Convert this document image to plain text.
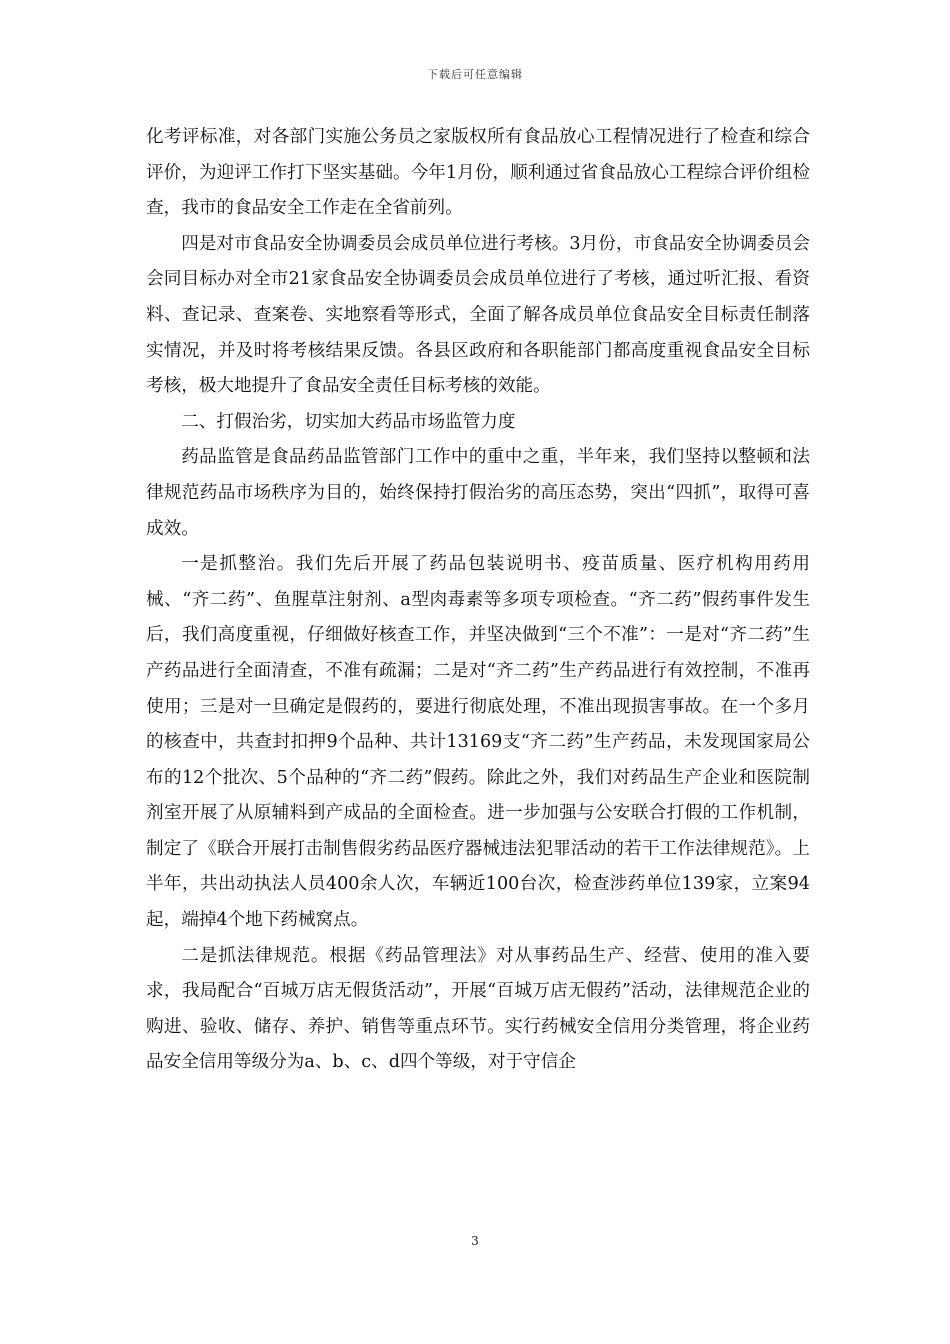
下载后可任意编辑

化考评标准，对各部门实施公务员之家版权所有食品放心工程情况进行了检查和综合评价，为迎评工作打下坚实基础。今年1月份，顺利通过省食品放心工程综合评价组检查，我市的食品安全工作走在全省前列。

四是对市食品安全协调委员会成员单位进行考核。3月份，市食品安全协调委员会会同目标办对全市21家食品安全协调委员会成员单位进行了考核，通过听汇报、看资料、查记录、查案卷、实地察看等形式，全面了解各成员单位食品安全目标责任制落实情况，并及时将考核结果反馈。各县区政府和各职能部门都高度重视食品安全目标考核，极大地提升了食品安全责任目标考核的效能。

二、打假治劣，切实加大药品市场监管力度

药品监管是食品药品监管部门工作中的重中之重，半年来，我们坚持以整顿和法律规范药品市场秩序为目的，始终保持打假治劣的高压态势，突出“四抓”，取得可喜成效。

一是抓整治。我们先后开展了药品包装说明书、疫苗质量、医疗机构用药用械、“齐二药”、鱼腥草注射剂、a型肉毒素等多项专项检查。“齐二药”假药事件发生后，我们高度重视，仔细做好核查工作，并坚决做到“三个不准”：一是对“齐二药”生产药品进行全面清查，不准有疏漏；二是对“齐二药”生产药品进行有效控制，不准再使用；三是对一旦确定是假药的，要进行彻底处理，不准出现损害事故。在一个多月的核查中，共查封扣押9个品种、共计13169支“齐二药”生产药品，未发现国家局公布的12个批次、5个品种的“齐二药”假药。除此之外，我们对药品生产企业和医院制剂室开展了从原辅料到产成品的全面检查。进一步加强与公安联合打假的工作机制，制定了《联合开展打击制售假劣药品医疗器械违法犯罪活动的若干工作法律规范》。上半年，共出动执法人员400余人次，车辆近100台次，检查涉药单位139家，立案94起，端掉4个地下药械窝点。

二是抓法律规范。根据《药品管理法》对从事药品生产、经营、使用的准入要求，我局配合“百城万店无假货活动”，开展“百城万店无假药”活动，法律规范企业的购进、验收、储存、养护、销售等重点环节。实行药械安全信用分类管理，将企业药品安全信用等级分为a、b、c、d四个等级，对于守信企

3
